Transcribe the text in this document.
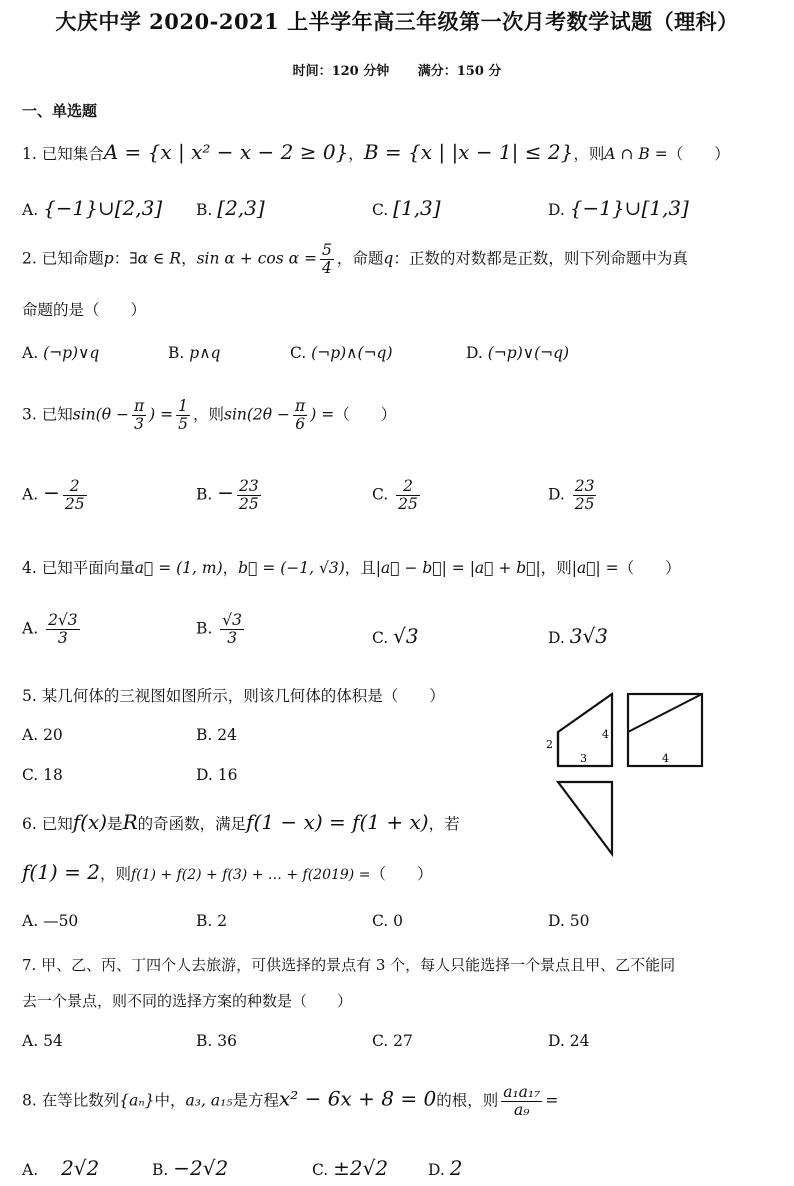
大庆中学 2020-2021 上半学年高三年级第一次月考数学试题（理科）
时间：120 分钟 满分：150 分
一、单选题
1. 已知集合A = {x | x² − x − 2 ≥ 0}，B = {x | |x − 1| ≤ 2}，则A ∩ B =（　　）
A. {−1}∪[2,3] B. [2,3]	C. [1,3]	D. {−1}∪[1,3]
2. 已知命题p：∃α ∈ R，$\sin \alpha + \cos \alpha = \frac{5}{4}$ ，命题q：正数的对数都是正数，则下列命题中为真
命题的是（　　）
A. (¬p)∨q	B. p∧q	C. (¬p)∧(¬q)	D. (¬p)∨(¬q)
3. 已知$\sin(\theta - \frac{\pi}{3}$ ) = $\frac{1}{5}$ ，则$\sin(2\theta - \frac{\pi}{6}$ ) =（　　）
A. − $\frac{2}{25}$	B. − $\frac{23}{25}$	C. $\frac{2}{25}$	D. $\frac{23}{25}$
4. 已知平面向量a⃗ = (1, m)，b⃗ = (−1, √3)，且|a⃗ − b⃗| = |a⃗ + b⃗|，则|a⃗| =（　　）
A. $\frac{2√3}{3}$	B. $\frac{√3}{3}$	C. √3	D. 3√3
5. 某几何体的三视图如图所示，则该几何体的体积是（　　）
A. 20	B. 24
C. 18	D. 16
2
4
3	4
6. 已知f(x)是R的奇函数，满足f(1 − x) = f(1 + x)，若
f(1) = 2，则f(1) + f(2) + f(3) + … + f(2019) =（　　）
A. —50	B. 2	C. 0	D. 50
7. 甲、乙、丙、丁四个人去旅游，可供选择的景点有 3 个，每人只能选择一个景点且甲、乙不能同
去一个景点，则不同的选择方案的种数是（　　）
A. 54	B. 36	C. 27	D. 24
8. 在等比数列{aₙ}中，a₃, a₁₅是方程x² − 6x + 8 = 0的根，则 $\frac{\text{a₁a₁₇}}{\text{a₉}}$ =
A. 2√2	B. −2√2	C. ±2√2	D. 2
